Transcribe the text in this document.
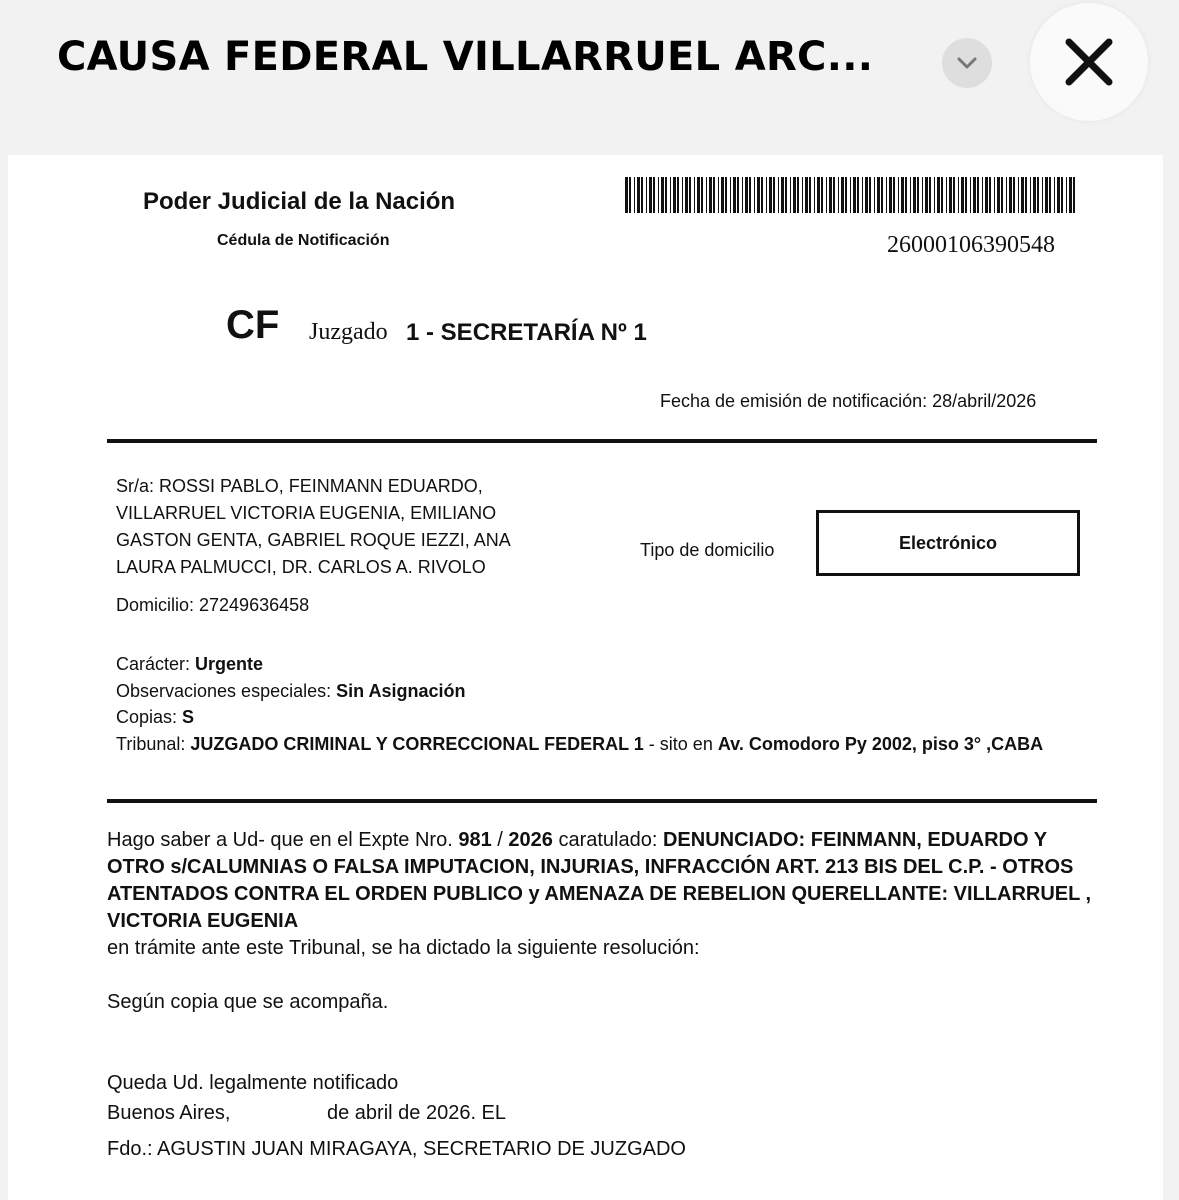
CAUSA FEDERAL VILLARRUEL ARC...
Poder Judicial de la Nación
Cédula de Notificación	26000106390548
CF Juzgado 1 - SECRETARÍA Nº 1
Fecha de emisión de notificación: 28/abril/2026
Sr/a: ROSSI PABLO, FEINMANN EDUARDO, VILLARRUEL VICTORIA EUGENIA, EMILIANO GASTON GENTA, GABRIEL ROQUE IEZZI, ANA LAURA PALMUCCI, DR. CARLOS A. RIVOLO
Domicilio: 27249636458
Tipo de domicilio	Electrónico
Carácter: Urgente
Observaciones especiales: Sin Asignación
Copias: S
Tribunal: JUZGADO CRIMINAL Y CORRECCIONAL FEDERAL 1 - sito en Av. Comodoro Py 2002, piso 3° ,CABA
Hago saber a Ud- que en el Expte Nro. 981 / 2026 caratulado: DENUNCIADO: FEINMANN, EDUARDO Y OTRO s/CALUMNIAS O FALSA IMPUTACION, INJURIAS, INFRACCIÓN ART. 213 BIS DEL C.P. - OTROS ATENTADOS CONTRA EL ORDEN PUBLICO y AMENAZA DE REBELION QUERELLANTE: VILLARRUEL , VICTORIA EUGENIA
en trámite ante este Tribunal, se ha dictado la siguiente resolución:
Según copia que se acompaña.
Queda Ud. legalmente notificado
Buenos Aires,	de abril de 2026. EL
Fdo.: AGUSTIN JUAN MIRAGAYA, SECRETARIO DE JUZGADO
